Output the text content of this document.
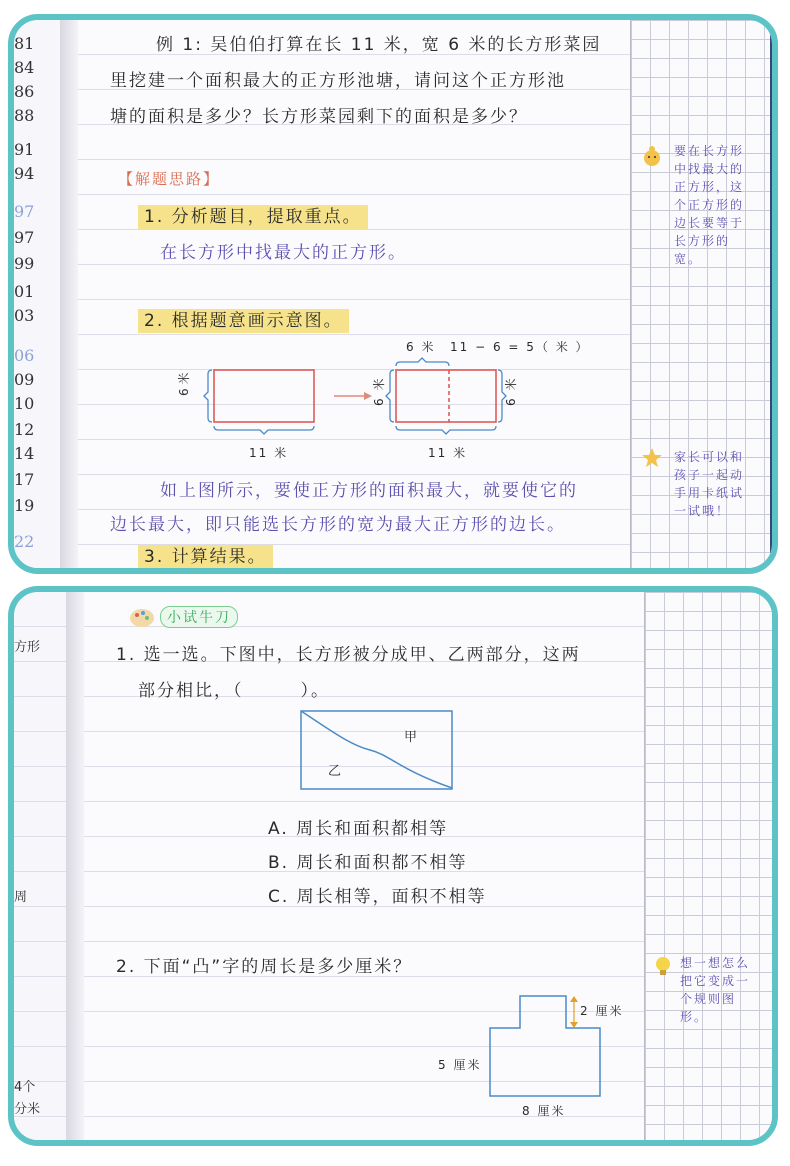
81
84
86
88
91
94
97
97
99
01
03
06
09
10
12
14
17
19
22
例 1: 吴伯伯打算在长 11 米，宽 6 米的长方形菜园
里挖建一个面积最大的正方形池塘，请问这个正方形池
塘的面积是多少？长方形菜园剩下的面积是多少？
【解题思路】
1. 分析题目，提取重点。
在长方形中找最大的正方形。
2. 根据题意画示意图。
6 米
11 米
6 米 11 − 6 = 5（ 米 ）
6 米	6 米
11 米
如上图所示，要使正方形的面积最大，就要使它的
边长最大，即只能选长方形的宽为最大正方形的边长。
3. 计算结果。
要在长方形中找最大的正方形，这个正方形的边长要等于长方形的宽。
家长可以和孩子一起动手用卡纸试一试哦！
方形
周
4个
分米
小试牛刀
1. 选一选。下图中，长方形被分成甲、乙两部分，这两
部分相比，（　　　）。
甲
乙
A. 周长和面积都相等
B. 周长和面积都不相等
C. 周长相等，面积不相等
2. 下面“凸”字的周长是多少厘米？
2 厘米
5 厘米
8 厘米
想一想怎么把它变成一个规则图形。
